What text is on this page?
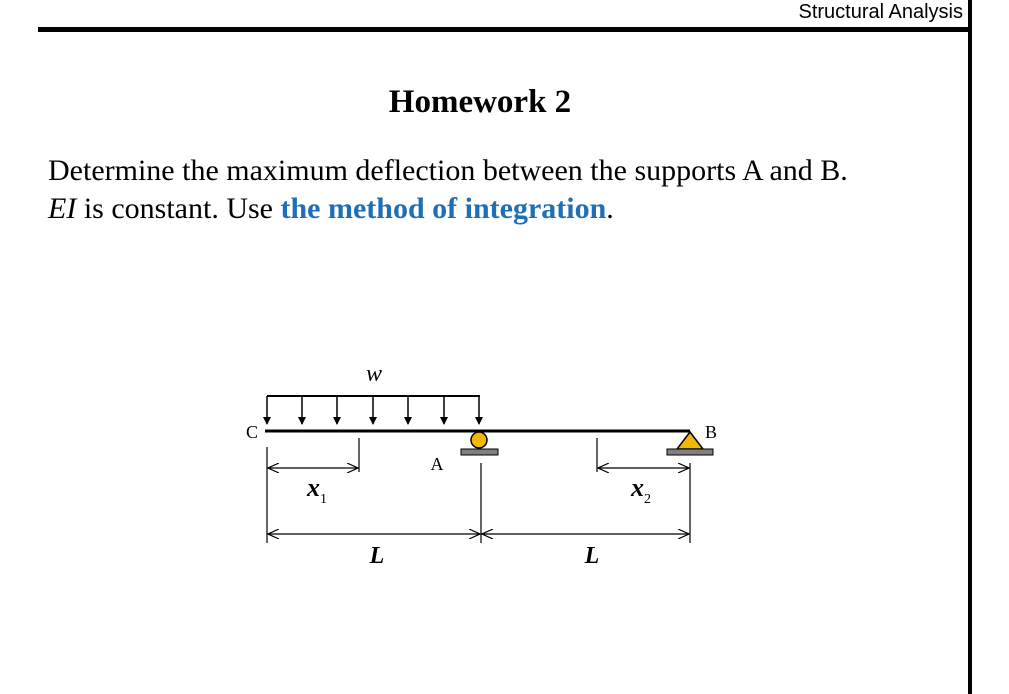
Structural Analysis
Homework 2
Determine the maximum deflection between the supports A and B.
EI is constant. Use the method of integration.
w
C
A
B
$x_1$	$x_2$
L	L
